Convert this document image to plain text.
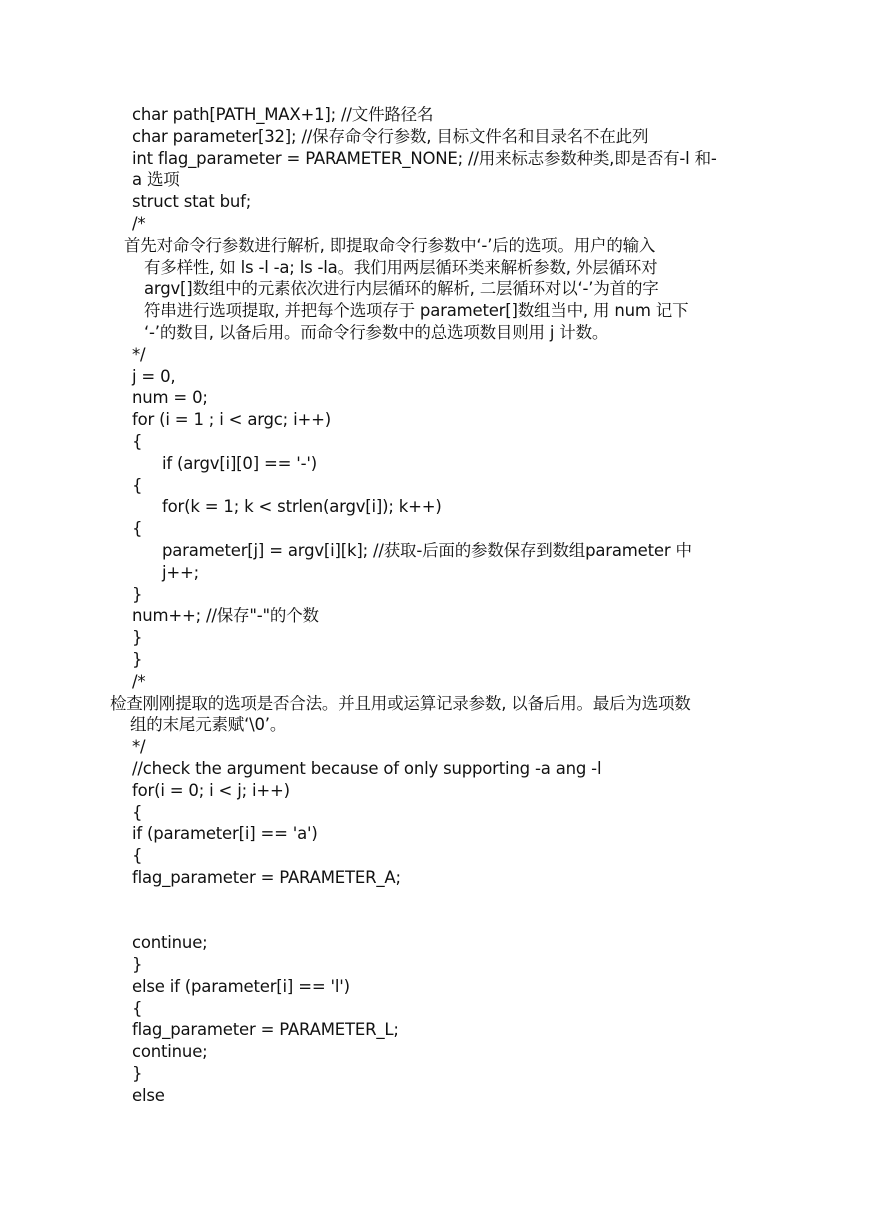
char path[PATH_MAX+1]; //文件路径名
char parameter[32]; //保存命令行参数, 目标文件名和目录名不在此列
int flag_parameter = PARAMETER_NONE; //用来标志参数种类,即是否有-l 和-
a 选项
struct stat buf;
/*
首先对命令行参数进行解析, 即提取命令行参数中‘-’后的选项。用户的输入
有多样性, 如 ls -l -a; ls -la。我们用两层循环类来解析参数, 外层循环对
argv[]数组中的元素依次进行内层循环的解析, 二层循环对以‘-’为首的字
符串进行选项提取, 并把每个选项存于 parameter[]数组当中, 用 num 记下
‘-’的数目, 以备后用。而命令行参数中的总选项数目则用 j 计数。
*/
j = 0,
num = 0;
for (i = 1 ; i < argc; i++)
{
if (argv[i][0] == '-')
{
for(k = 1; k < strlen(argv[i]); k++)
{
parameter[j] = argv[i][k]; //获取-后面的参数保存到数组parameter 中
j++;
}
num++; //保存"-"的个数
}
}
/*
检查刚刚提取的选项是否合法。并且用或运算记录参数, 以备后用。最后为选项数
组的末尾元素赋‘\0’。
*/
//check the argument because of only supporting -a ang -l
for(i = 0; i < j; i++)
{
if (parameter[i] == 'a')
{
flag_parameter = PARAMETER_A;
continue;
}
else if (parameter[i] == 'l')
{
flag_parameter = PARAMETER_L;
continue;
}
else
